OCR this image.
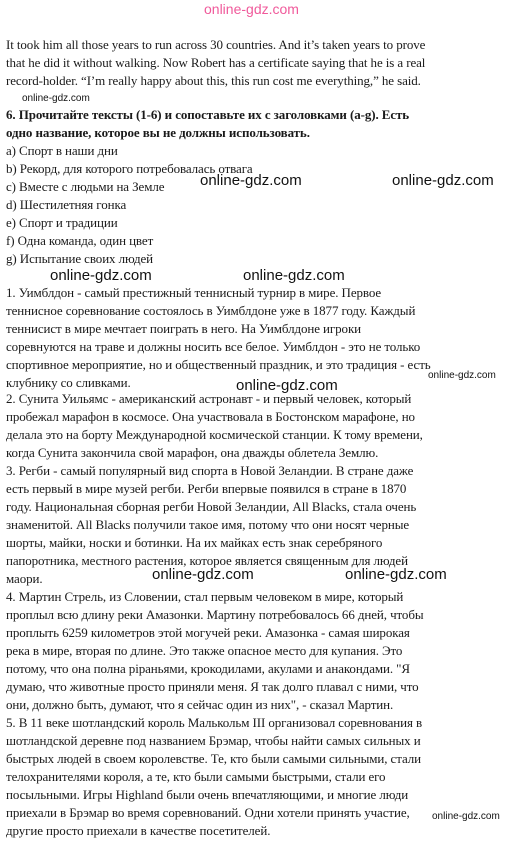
online-gdz.com
It took him all those years to run across 30 countries. And it’s taken years to prove
that he did it without walking. Now Robert has a certificate saying that he is a real
record-holder. “I’m really happy about this, this run cost me everything,” he said.
online-gdz.com
6. Прочитайте тексты (1-6) и сопоставьте их с заголовками (a-g). Есть
одно название, которое вы не должны использовать.
a) Спорт в наши дни
b) Рекорд, для которого потребовалась отвага
c) Вместе с людьми на Земле
d) Шестилетняя гонка
e) Спорт и традиции
f) Одна команда, один цвет
g) Испытание своих людей
online-gdz.com	online-gdz.com
online-gdz.com	online-gdz.com
1. Уимблдон - самый престижный теннисный турнир в мире. Первое
теннисное соревнование состоялось в Уимблдоне уже в 1877 году. Каждый
теннисист в мире мечтает поиграть в него. На Уимблдоне игроки
соревнуются на траве и должны носить все белое. Уимблдон - это не только
спортивное мероприятие, но и общественный праздник, и это традиция - есть
клубнику со сливками.	online-gdz.com
online-gdz.com
2. Сунита Уильямс - американский астронавт - и первый человек, который
пробежал марафон в космосе. Она участвовала в Бостонском марафоне, но
делала это на борту Международной космической станции. К тому времени,
когда Сунита закончила свой марафон, она дважды облетела Землю.
3. Регби - самый популярный вид спорта в Новой Зеландии. В стране даже
есть первый в мире музей регби. Регби впервые появился в стране в 1870
году. Национальная сборная регби Новой Зеландии, All Blacks, стала очень
знаменитой. All Blacks получили такое имя, потому что они носят черные
шорты, майки, носки и ботинки. На их майках есть знак серебряного
папоротника, местного растения, которое является священным для людей
маори.	online-gdz.com	online-gdz.com
4. Мартин Стрель, из Словении, стал первым человеком в мире, который
проплыл всю длину реки Амазонки. Мартину потребовалось 66 дней, чтобы
проплыть 6259 километров этой могучей реки. Амазонка - самая широкая
река в мире, вторая по длине. Это также опасное место для купания. Это
потому, что она полна piраньями, крокодилами, акулами и анакондами. "Я
думаю, что животные просто приняли меня. Я так долго плавал с ними, что
они, должно быть, думают, что я сейчас один из них", - сказал Мартин.
5. В 11 веке шотландский король Малькольм III организовал соревнования в
шотландской деревне под названием Брэмар, чтобы найти самых сильных и
быстрых людей в своем королевстве. Те, кто были самыми сильными, стали
телохранителями короля, а те, кто были самыми быстрыми, стали его
посыльными. Игры Highland были очень впечатляющими, и многие люди
приехали в Брэмар во время соревнований. Одни хотели принять участие,
другие просто приехали в качестве посетителей.
online-gdz.com
